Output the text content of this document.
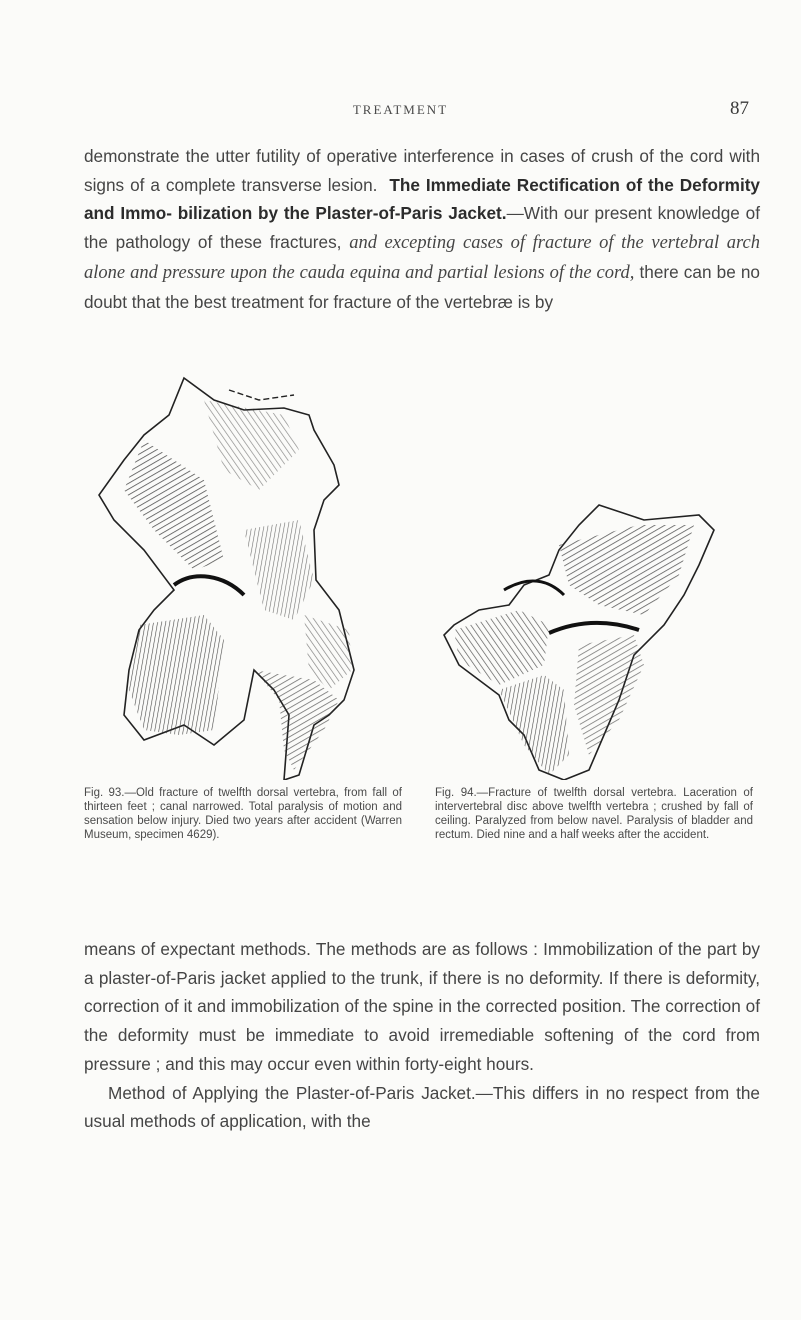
TREATMENT	87
demonstrate the utter futility of operative interference in cases of crush of the cord with signs of a complete transverse lesion. The Immediate Rectification of the Deformity and Immo- bilization by the Plaster-of-Paris Jacket.—With our present knowledge of the pathology of these fractures, and excepting cases of fracture of the vertebral arch alone and pressure upon the cauda equina and partial lesions of the cord, there can be no doubt that the best treatment for fracture of the vertebræ is by
Fig. 93.—Old fracture of twelfth dorsal vertebra, from fall of thirteen feet ; canal narrowed. Total paralysis of motion and sensation below injury. Died two years after accident (Warren Museum, specimen 4629).
Fig. 94.—Fracture of twelfth dorsal vertebra. Laceration of intervertebral disc above twelfth vertebra ; crushed by fall of ceiling. Paralyzed from below navel. Paralysis of bladder and rectum. Died nine and a half weeks after the accident.
means of expectant methods. The methods are as follows : Immobilization of the part by a plaster-of-Paris jacket applied to the trunk, if there is no deformity. If there is deformity, correction of it and immobilization of the spine in the corrected position. The correction of the deformity must be immediate to avoid irremediable softening of the cord from pressure ; and this may occur even within forty-eight hours.
Method of Applying the Plaster-of-Paris Jacket.—This differs in no respect from the usual methods of application, with the
